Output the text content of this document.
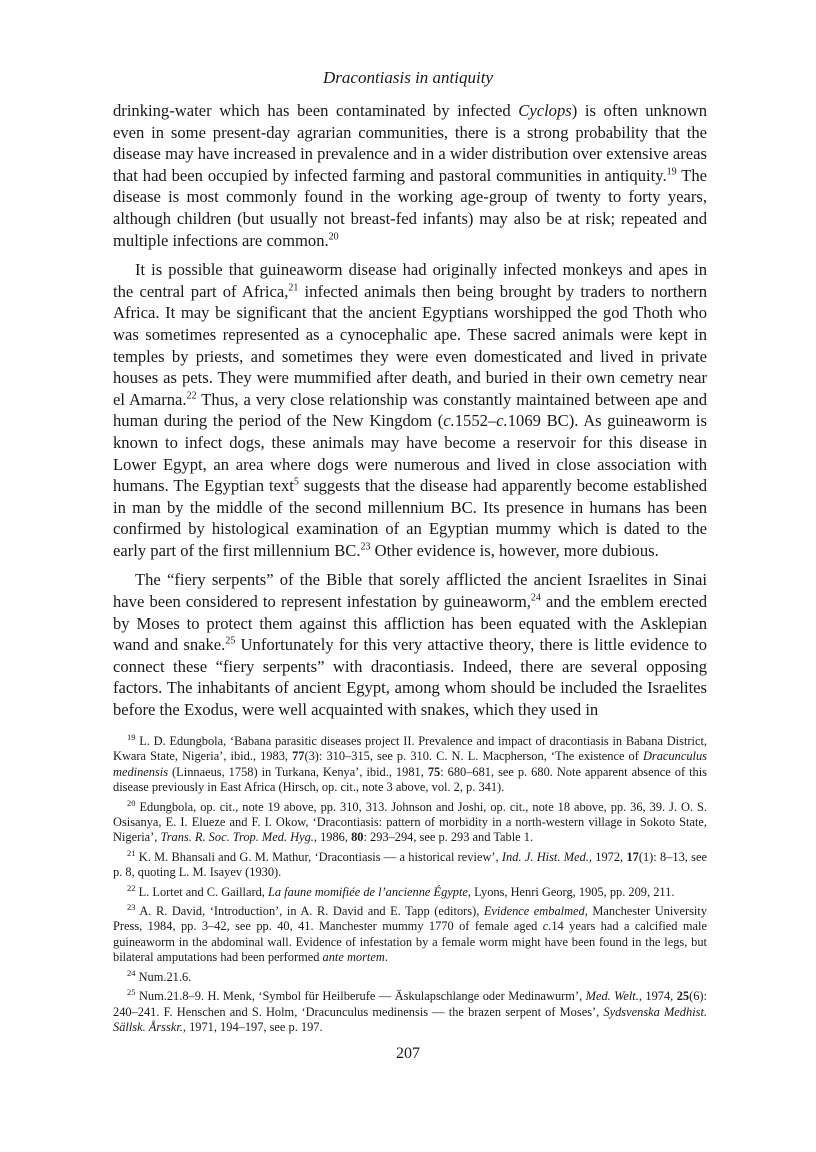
Dracontiasis in antiquity

drinking-water which has been contaminated by infected Cyclops) is often unknown even in some present-day agrarian communities, there is a strong probability that the disease may have increased in prevalence and in a wider distribution over extensive areas that had been occupied by infected farming and pastoral communities in antiquity.$^{19}$ The disease is most commonly found in the working age-group of twenty to forty years, although children (but usually not breast-fed infants) may also be at risk; repeated and multiple infections are common.$^{20}$

It is possible that guineaworm disease had originally infected monkeys and apes in the central part of Africa,$^{21}$ infected animals then being brought by traders to northern Africa. It may be significant that the ancient Egyptians worshipped the god Thoth who was sometimes represented as a cynocephalic ape. These sacred animals were kept in temples by priests, and sometimes they were even domesticated and lived in private houses as pets. They were mummified after death, and buried in their own cemetry near el Amarna.$^{22}$ Thus, a very close relationship was constantly maintained between ape and human during the period of the New Kingdom (c.1552–c.1069 BC). As guineaworm is known to infect dogs, these animals may have become a reservoir for this disease in Lower Egypt, an area where dogs were numerous and lived in close association with humans. The Egyptian text$^5$ suggests that the disease had apparently become established in man by the middle of the second millennium BC. Its presence in humans has been confirmed by histological examination of an Egyptian mummy which is dated to the early part of the first millennium BC.$^{23}$ Other evidence is, however, more dubious.

The “fiery serpents” of the Bible that sorely afflicted the ancient Israelites in Sinai have been considered to represent infestation by guineaworm,$^{24}$ and the emblem erected by Moses to protect them against this affliction has been equated with the Asklepian wand and snake.$^{25}$ Unfortunately for this very attactive theory, there is little evidence to connect these “fiery serpents” with dracontiasis. Indeed, there are several opposing factors. The inhabitants of ancient Egypt, among whom should be included the Israelites before the Exodus, were well acquainted with snakes, which they used in

$^{19}$ L. D. Edungbola, ‘Babana parasitic diseases project II. Prevalence and impact of dracontiasis in Babana District, Kwara State, Nigeria’, ibid., 1983, 77(3): 310–315, see p. 310. C. N. L. Macpherson, ‘The existence of Dracunculus medinensis (Linnaeus, 1758) in Turkana, Kenya’, ibid., 1981, 75: 680–681, see p. 680. Note apparent absence of this disease previously in East Africa (Hirsch, op. cit., note 3 above, vol. 2, p. 341).
$^{20}$ Edungbola, op. cit., note 19 above, pp. 310, 313. Johnson and Joshi, op. cit., note 18 above, pp. 36, 39. J. O. S. Osisanya, E. I. Elueze and F. I. Okow, ‘Dracontiasis: pattern of morbidity in a north-western village in Sokoto State, Nigeria’, Trans. R. Soc. Trop. Med. Hyg., 1986, 80: 293–294, see p. 293 and Table 1.
$^{21}$ K. M. Bhansali and G. M. Mathur, ‘Dracontiasis — a historical review’, Ind. J. Hist. Med., 1972, 17(1): 8–13, see p. 8, quoting L. M. Isayev (1930).
$^{22}$ L. Lortet and C. Gaillard, La faune momifiée de l’ancienne Égypte, Lyons, Henri Georg, 1905, pp. 209, 211.
$^{23}$ A. R. David, ‘Introduction’, in A. R. David and E. Tapp (editors), Evidence embalmed, Manchester University Press, 1984, pp. 3–42, see pp. 40, 41. Manchester mummy 1770 of female aged c.14 years had a calcified male guineaworm in the abdominal wall. Evidence of infestation by a female worm might have been found in the legs, but bilateral amputations had been performed ante mortem.
$^{24}$ Num.21.6.
$^{25}$ Num.21.8–9. H. Menk, ‘Symbol für Heilberufe — Äskulapschlange oder Medinawurm’, Med. Welt., 1974, 25(6): 240–241. F. Henschen and S. Holm, ‘Dracunculus medinensis — the brazen serpent of Moses’, Sydsvenska Medhist. Sällsk. Årsskr., 1971, 194–197, see p. 197.
207
